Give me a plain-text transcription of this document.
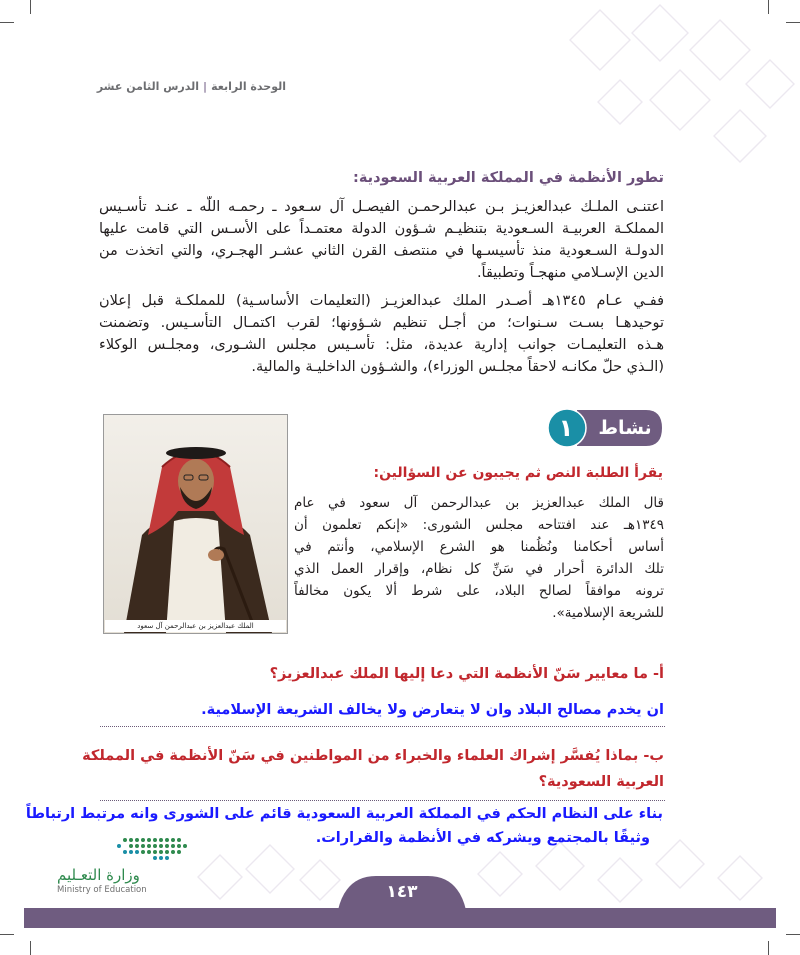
الوحدة الرابعة|الدرس الثامن عشر
تطور الأنظمة في المملكة العربية السعودية:
اعتنـى الملـك عبدالعزيـز بـن عبدالرحمـن الفيصـل آل سـعود ـ رحمـه اللّٰه ـ عنـد تأسـيس
المملكـة العربيـة السـعودية بتنظيـم شـؤون الدولة معتمـداً على الأسـس التي قامت عليها
الدولـة السـعودية منذ تأسيسـها في منتصف القرن الثاني عشـر الهجـري، والتي اتخذت من
الدين الإسـلامي منهجـاً وتطبيقاً.
ففـي عـام ١٣٤٥هـ أصـدر الملك عبدالعزيـز (التعليمات الأساسـية) للمملكـة قبل إعلان
توحيدهـا بسـت سـنوات؛ من أجـل تنظيم شـؤونها؛ لقرب اكتمـال التأسـيس. وتضمنت
هـذه التعليمـات جوانب إدارية عديدة، مثل: تأسـيس مجلس الشـورى، ومجلـس الوكلاء
(الـذي حلّ مكانـه لاحقاً مجلـس الوزراء)، والشـؤون الداخليـة والمالية.
الملك عبدالعزيز بن عبدالرحمن آل سعود
نشاط
١
يقرأ الطلبة النص ثم يجيبون عن السؤالين:
قال الملك عبدالعزيز بن عبدالرحمن آل سعود في عام
١٣٤٩هـ عند افتتاحه مجلس الشورى: «إنكم تعلمون أن
أساس أحكامنا ونُظُمنا هو الشرع الإسلامي، وأنتم في
تلك الدائرة أحرار في سَنِّ كل نظام، وإقرار العمل الذي
ترونه موافقاً لصالح البلاد، على شرط ألا يكون مخالفاً
للشريعة الإسلامية».
أ- ما معايير سَنّ الأنظمة التي دعا إليها الملك عبدالعزيز؟
ان يخدم مصالح البلاد وان لا يتعارض ولا يخالف الشريعة الإسلامية.
ب- بماذا يُفسَّر إشراك العلماء والخبراء من المواطنين في سَنّ الأنظمة في المملكة
العربية السعودية؟
بناء على النظام الحكم في المملكة العربية السعودية قائم على الشورى وانه مرتبط ارتباطاً
وثيقًا بالمجتمع ويشركه في الأنظمة والقرارات.
١٤٣
وزارة التعـليم
Ministry of Education
2022 - 1444
